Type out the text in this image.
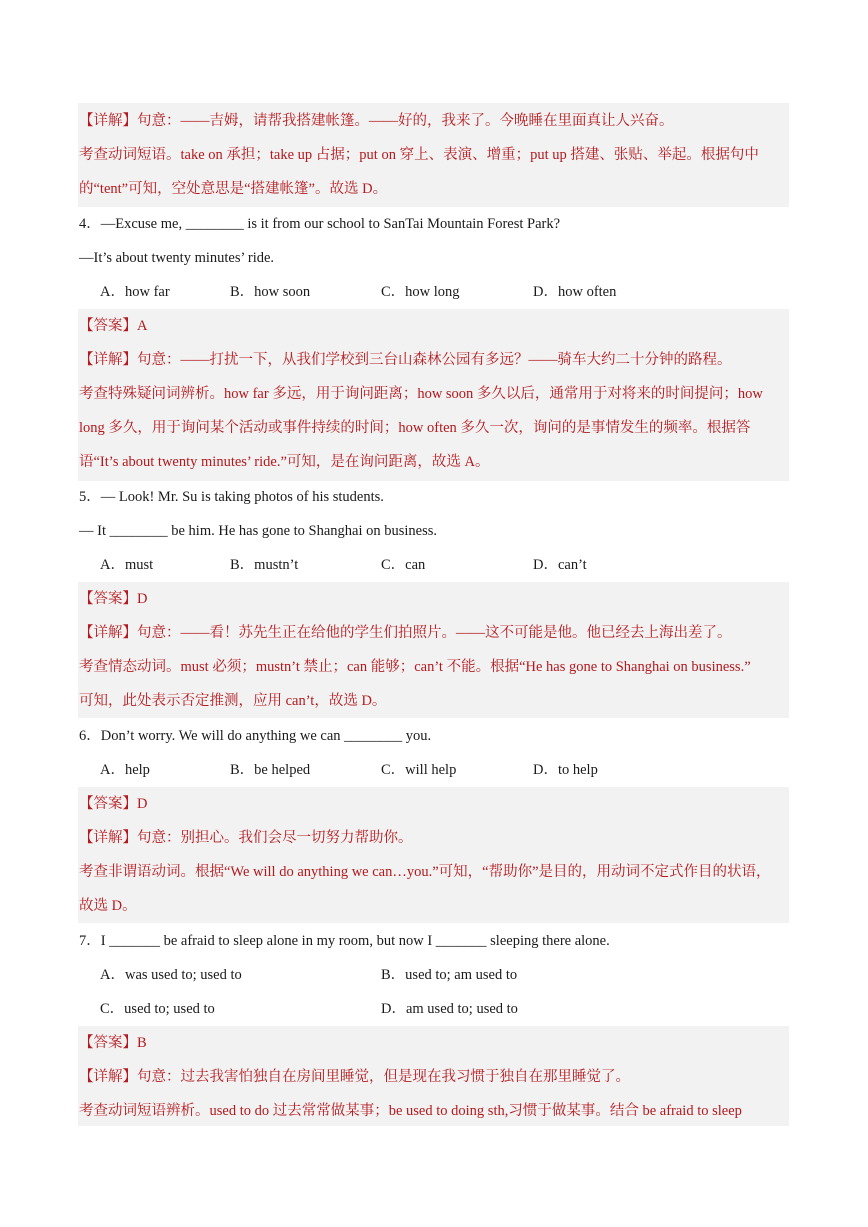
【详解】句意：——吉姆，请帮我搭建帐篷。——好的，我来了。今晚睡在里面真让人兴奋。
考查动词短语。take on 承担；take up 占据；put on 穿上、表演、增重；put up 搭建、张贴、举起。根据句中
的“tent”可知，空处意思是“搭建帐篷”。故选 D。
4．—Excuse me, ________ is it from our school to SanTai Mountain Forest Park?
—It’s about twenty minutes’ ride.
A．how far	B．how soon	C．how long	D．how often
【答案】A
【详解】句意：——打扰一下，从我们学校到三台山森林公园有多远？——骑车大约二十分钟的路程。
考查特殊疑问词辨析。how far 多远，用于询问距离；how soon 多久以后，通常用于对将来的时间提问；how
long 多久，用于询问某个活动或事件持续的时间；how often 多久一次，询问的是事情发生的频率。根据答
语“It’s about twenty minutes’ ride.”可知，是在询问距离，故选 A。
5．— Look! Mr. Su is taking photos of his students.
— It ________ be him. He has gone to Shanghai on business.
A．must	B．mustn’t	C．can	D．can’t
【答案】D
【详解】句意：——看！苏先生正在给他的学生们拍照片。——这不可能是他。他已经去上海出差了。
考查情态动词。must 必须；mustn’t 禁止；can 能够；can’t 不能。根据“He has gone to Shanghai on business.”
可知，此处表示否定推测，应用 can’t，故选 D。
6．Don’t worry. We will do anything we can ________ you.
A．help	B．be helped	C．will help	D．to help
【答案】D
【详解】句意：别担心。我们会尽一切努力帮助你。
考查非谓语动词。根据“We will do anything we can…you.”可知，“帮助你”是目的，用动词不定式作目的状语，
故选 D。
7．I _______ be afraid to sleep alone in my room, but now I _______ sleeping there alone.
A．was used to; used to	B．used to; am used to
C．used to; used to	D．am used to; used to
【答案】B
【详解】句意：过去我害怕独自在房间里睡觉，但是现在我习惯于独自在那里睡觉了。
考查动词短语辨析。used to do 过去常常做某事；be used to doing sth,习惯于做某事。结合 be afraid to sleep
